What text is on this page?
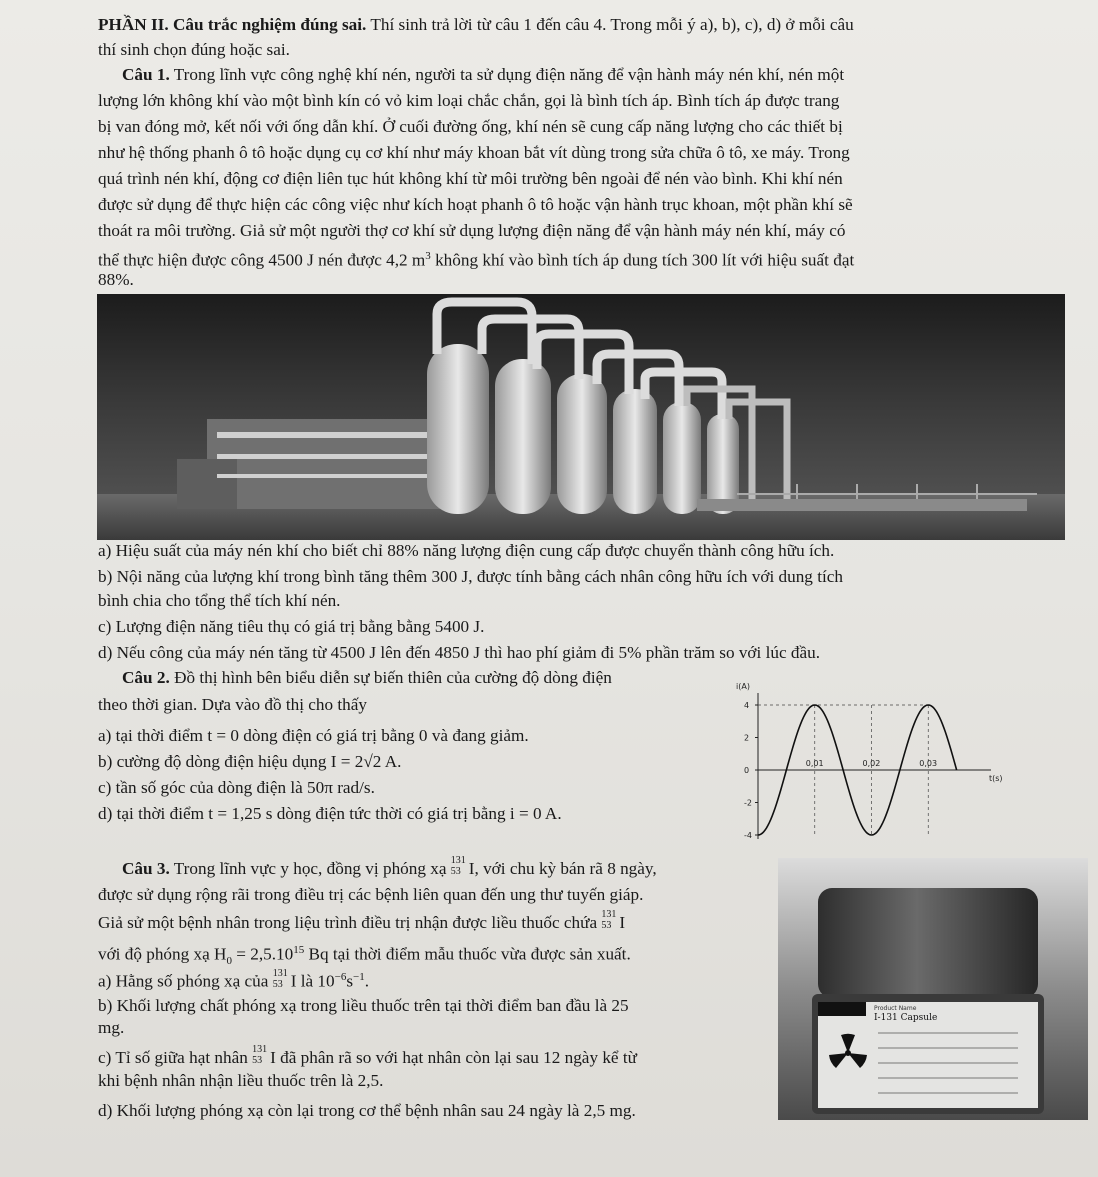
PHẦN II. Câu trắc nghiệm đúng sai. Thí sinh trả lời từ câu 1 đến câu 4. Trong mỗi ý a), b), c), d) ở mỗi câu
thí sinh chọn đúng hoặc sai.
Câu 1. Trong lĩnh vực công nghệ khí nén, người ta sử dụng điện năng để vận hành máy nén khí, nén một
lượng lớn không khí vào một bình kín có vỏ kim loại chắc chắn, gọi là bình tích áp. Bình tích áp được trang
bị van đóng mở, kết nối với ống dẫn khí. Ở cuối đường ống, khí nén sẽ cung cấp năng lượng cho các thiết bị
như hệ thống phanh ô tô hoặc dụng cụ cơ khí như máy khoan bắt vít dùng trong sửa chữa ô tô, xe máy. Trong
quá trình nén khí, động cơ điện liên tục hút không khí từ môi trường bên ngoài để nén vào bình. Khi khí nén
được sử dụng để thực hiện các công việc như kích hoạt phanh ô tô hoặc vận hành trục khoan, một phần khí sẽ
thoát ra môi trường. Giả sử một người thợ cơ khí sử dụng lượng điện năng để vận hành máy nén khí, máy có
thể thực hiện được công 4500 J nén được 4,2 $m^3$ không khí vào bình tích áp dung tích 300 lít với hiệu suất đạt
88%.
a) Hiệu suất của máy nén khí cho biết chỉ 88% năng lượng điện cung cấp được chuyển thành công hữu ích.
b) Nội năng của lượng khí trong bình tăng thêm 300 J, được tính bằng cách nhân công hữu ích với dung tích
bình chia cho tổng thể tích khí nén.
c) Lượng điện năng tiêu thụ có giá trị bằng bằng 5400 J.
d) Nếu công của máy nén tăng từ 4500 J lên đến 4850 J thì hao phí giảm đi 5% phần trăm so với lúc đầu.
Câu 2. Đồ thị hình bên biểu diễn sự biến thiên của cường độ dòng điện
theo thời gian. Dựa vào đồ thị cho thấy
a) tại thời điểm t = 0 dòng điện có giá trị bằng 0 và đang giảm.
b) cường độ dòng điện hiệu dụng I = 2√2 A.
c) tần số góc của dòng điện là 50π rad/s.
d) tại thời điểm t = 1,25 s dòng điện tức thời có giá trị bằng i = 0 A.
i(A)
t(s)
4
2
0
-2
-4
0,01	0,02	0,03
Câu 3. Trong lĩnh vực y học, đồng vị phóng xạ 131
53 I, với chu kỳ bán rã 8 ngày,
được sử dụng rộng rãi trong điều trị các bệnh liên quan đến ung thư tuyến giáp.
Giả sử một bệnh nhân trong liệu trình điều trị nhận được liều thuốc chứa 131
53 I
với độ phóng xạ $H_0 = 2,5.10^{15}$ Bq tại thời điểm mẫu thuốc vừa được sản xuất.
a) Hằng số phóng xạ của 131
53 I là $10^{-6}s^{-1}$.
b) Khối lượng chất phóng xạ trong liều thuốc trên tại thời điểm ban đầu là 25
mg.
c) Tỉ số giữa hạt nhân 131
53 I đã phân rã so với hạt nhân còn lại sau 12 ngày kể từ
khi bệnh nhân nhận liều thuốc trên là 2,5.
d) Khối lượng phóng xạ còn lại trong cơ thể bệnh nhân sau 24 ngày là 2,5 mg.
Product Name
I-131 Capsule
